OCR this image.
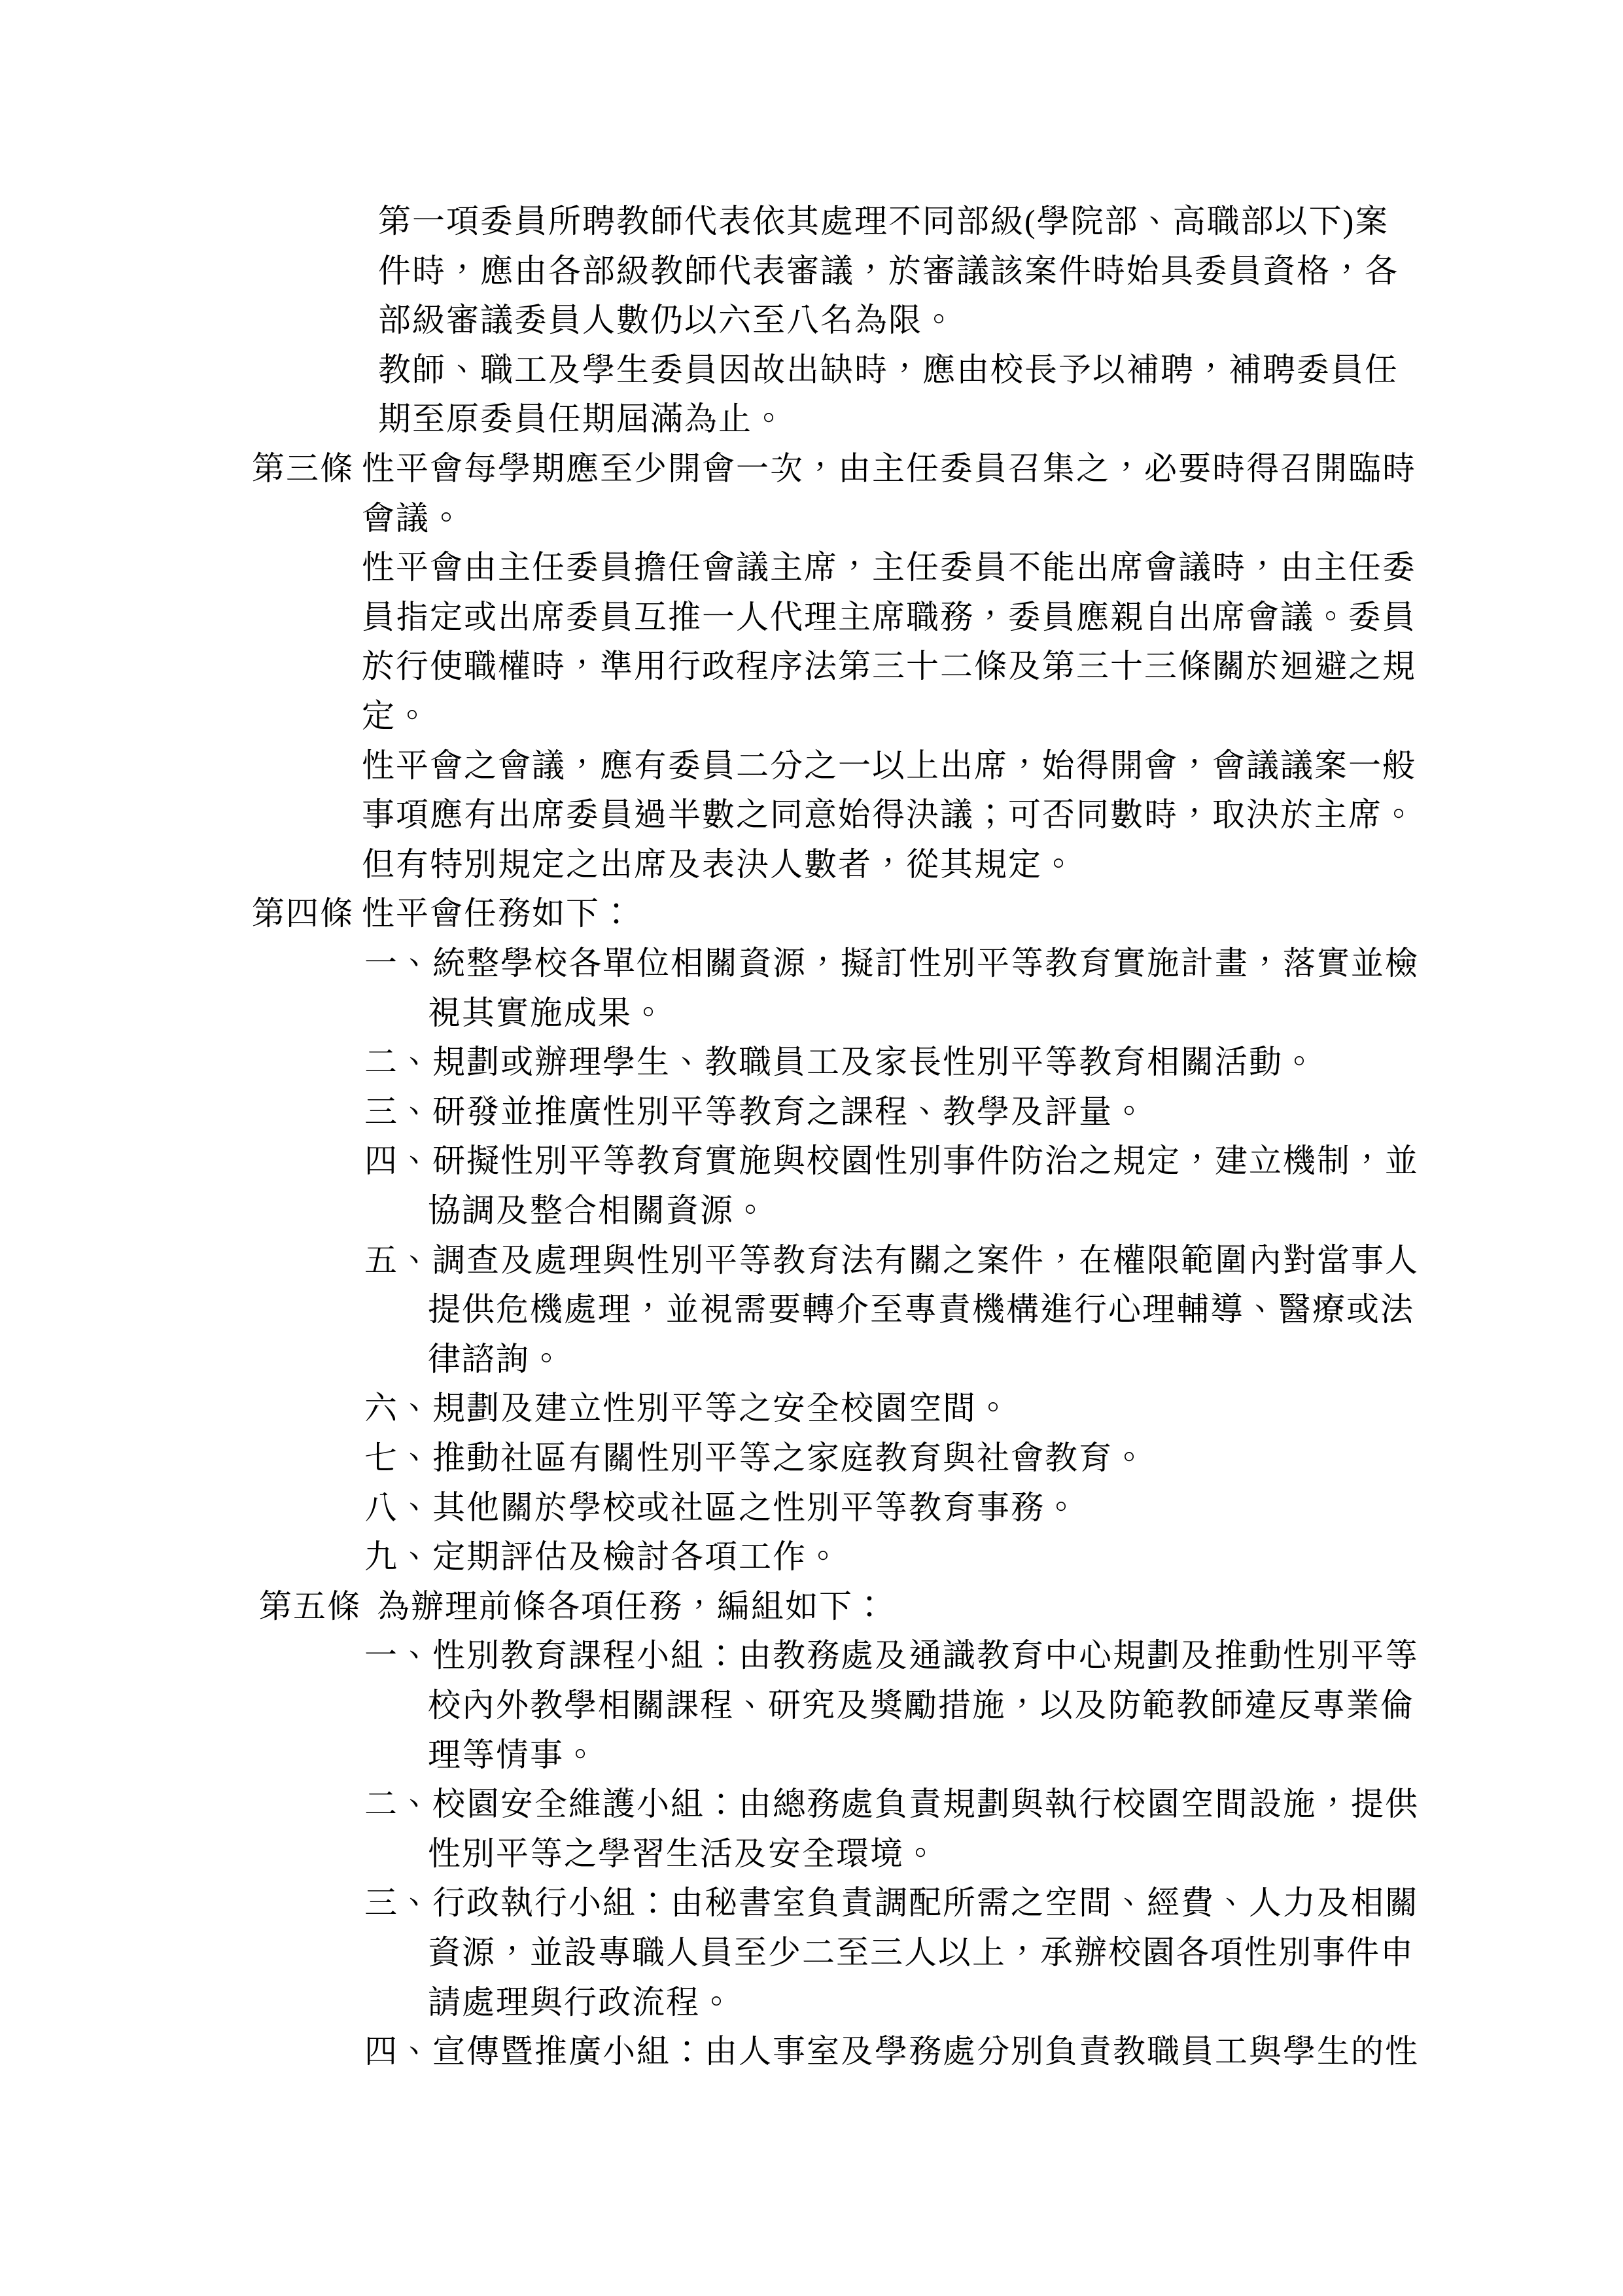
第一項委員所聘教師代表依其處理不同部級(學院部、高職部以下)案
件時，應由各部級教師代表審議，於審議該案件時始具委員資格，各
部級審議委員人數仍以六至八名為限。
教師、職工及學生委員因故出缺時，應由校長予以補聘，補聘委員任
期至原委員任期屆滿為止。
第三條 性平會每學期應至少開會一次，由主任委員召集之，必要時得召開臨時
會議。
性平會由主任委員擔任會議主席，主任委員不能出席會議時，由主任委
員指定或出席委員互推一人代理主席職務，委員應親自出席會議。委員
於行使職權時，準用行政程序法第三十二條及第三十三條關於迴避之規
定。
性平會之會議，應有委員二分之一以上出席，始得開會，會議議案一般
事項應有出席委員過半數之同意始得決議；可否同數時，取決於主席。
但有特別規定之出席及表決人數者，從其規定。
第四條 性平會任務如下：
一、統整學校各單位相關資源，擬訂性別平等教育實施計畫，落實並檢
視其實施成果。
二、規劃或辦理學生、教職員工及家長性別平等教育相關活動。
三、研發並推廣性別平等教育之課程、教學及評量。
四、研擬性別平等教育實施與校園性別事件防治之規定，建立機制，並
協調及整合相關資源。
五、調查及處理與性別平等教育法有關之案件，在權限範圍內對當事人
提供危機處理，並視需要轉介至專責機構進行心理輔導、醫療或法
律諮詢。
六、規劃及建立性別平等之安全校園空間。
七、推動社區有關性別平等之家庭教育與社會教育。
八、其他關於學校或社區之性別平等教育事務。
九、定期評估及檢討各項工作。
第五條 為辦理前條各項任務，編組如下：
一、性別教育課程小組：由教務處及通識教育中心規劃及推動性別平等
校內外教學相關課程、研究及獎勵措施，以及防範教師違反專業倫
理等情事。
二、校園安全維護小組：由總務處負責規劃與執行校園空間設施，提供
性別平等之學習生活及安全環境。
三、行政執行小組：由秘書室負責調配所需之空間、經費、人力及相關
資源，並設專職人員至少二至三人以上，承辦校園各項性別事件申
請處理與行政流程。
四、宣傳暨推廣小組：由人事室及學務處分別負責教職員工與學生的性
